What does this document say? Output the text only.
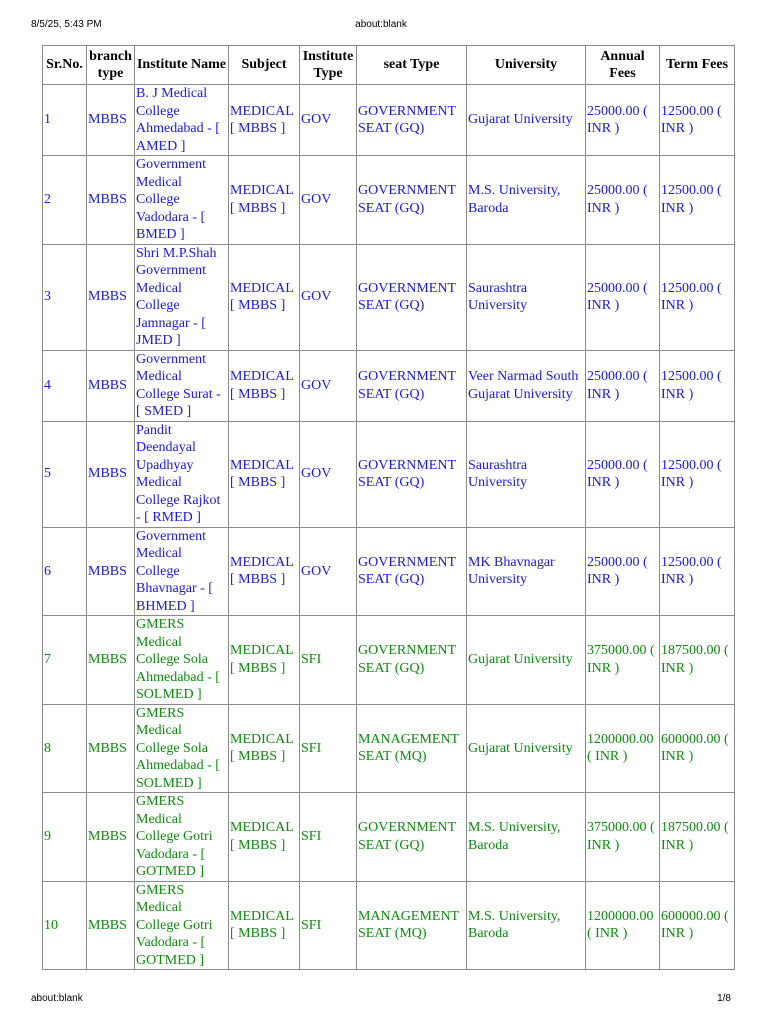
8/5/25, 5:43 PM	about:blank
Sr.No.	branch type	Institute Name	Subject	Institute Type	seat Type	University	Annual Fees	Term Fees
1	MBBS	B. J Medical College Ahmedabad - [ AMED ]	MEDICAL [ MBBS ]	GOV	GOVERNMENT SEAT (GQ)	Gujarat University	25000.00 ( INR )	12500.00 ( INR )
2	MBBS	Government Medical College Vadodara - [ BMED ]	MEDICAL [ MBBS ]	GOV	GOVERNMENT SEAT (GQ)	M.S. University, Baroda	25000.00 ( INR )	12500.00 ( INR )
3	MBBS	Shri M.P.Shah Government Medical College Jamnagar - [ JMED ]	MEDICAL [ MBBS ]	GOV	GOVERNMENT SEAT (GQ)	Saurashtra University	25000.00 ( INR )	12500.00 ( INR )
4	MBBS	Government Medical College Surat - [ SMED ]	MEDICAL [ MBBS ]	GOV	GOVERNMENT SEAT (GQ)	Veer Narmad South Gujarat University	25000.00 ( INR )	12500.00 ( INR )
5	MBBS	Pandit Deendayal Upadhyay Medical College Rajkot - [ RMED ]	MEDICAL [ MBBS ]	GOV	GOVERNMENT SEAT (GQ)	Saurashtra University	25000.00 ( INR )	12500.00 ( INR )
6	MBBS	Government Medical College Bhavnagar - [ BHMED ]	MEDICAL [ MBBS ]	GOV	GOVERNMENT SEAT (GQ)	MK Bhavnagar University	25000.00 ( INR )	12500.00 ( INR )
7	MBBS	GMERS Medical College Sola Ahmedabad - [ SOLMED ]	MEDICAL [ MBBS ]	SFI	GOVERNMENT SEAT (GQ)	Gujarat University	375000.00 ( INR )	187500.00 ( INR )
8	MBBS	GMERS Medical College Sola Ahmedabad - [ SOLMED ]	MEDICAL [ MBBS ]	SFI	MANAGEMENT SEAT (MQ)	Gujarat University	1200000.00 ( INR )	600000.00 ( INR )
9	MBBS	GMERS Medical College Gotri Vadodara - [ GOTMED ]	MEDICAL [ MBBS ]	SFI	GOVERNMENT SEAT (GQ)	M.S. University, Baroda	375000.00 ( INR )	187500.00 ( INR )
10	MBBS	GMERS Medical College Gotri Vadodara - [ GOTMED ]	MEDICAL [ MBBS ]	SFI	MANAGEMENT SEAT (MQ)	M.S. University, Baroda	1200000.00 ( INR )	600000.00 ( INR )
about:blank	1/8
